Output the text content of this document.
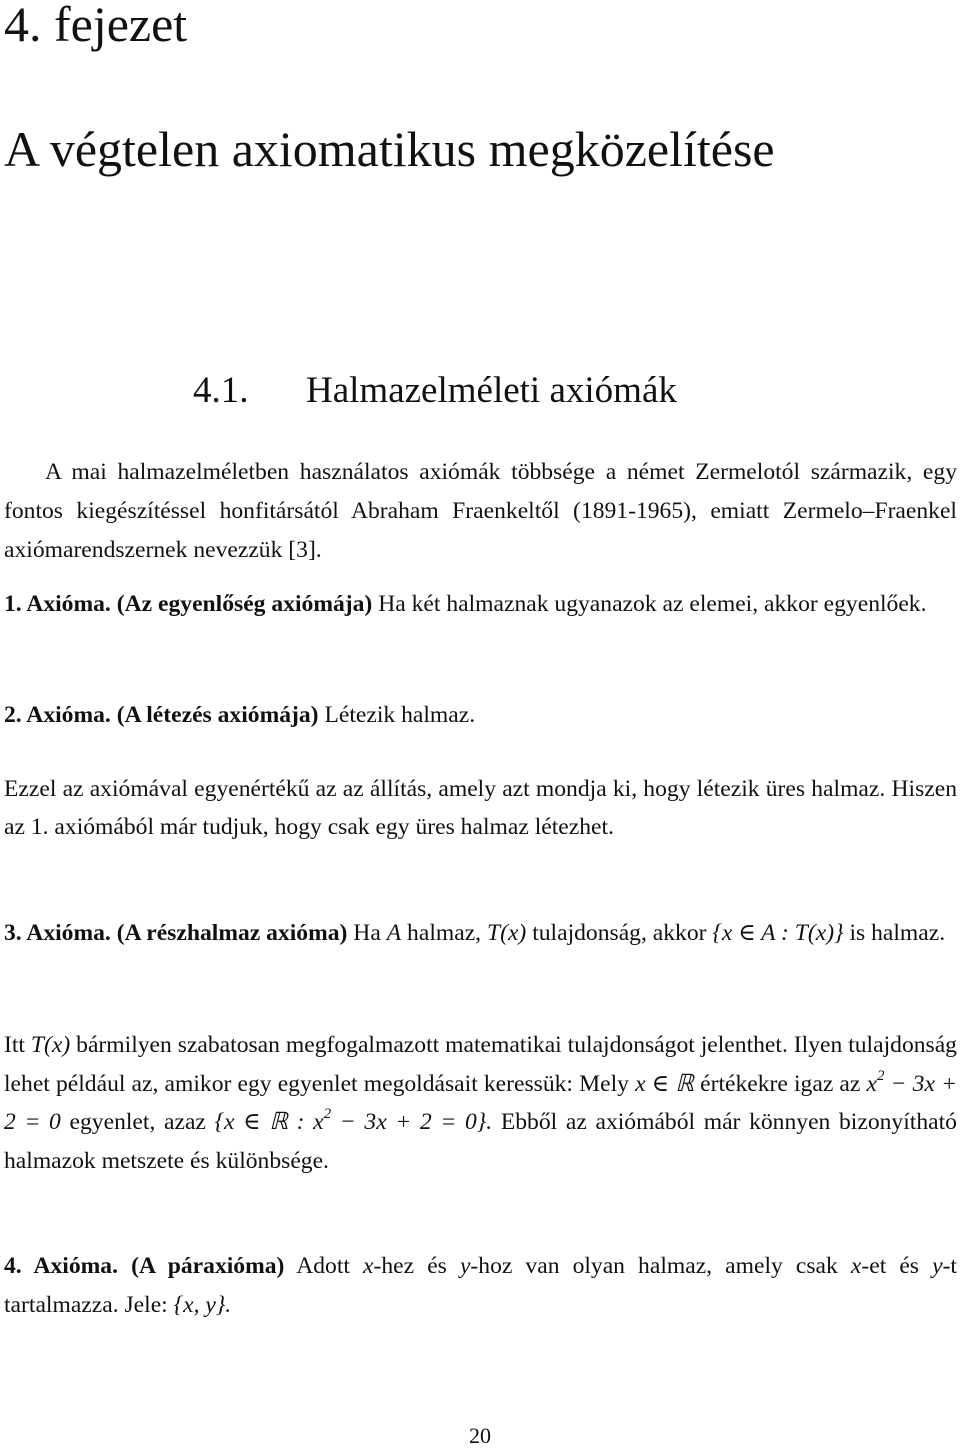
4. fejezet
A végtelen axiomatikus megközelítése
4.1. Halmazelméleti axiómák

A mai halmazelméletben használatos axiómák többsége a német Zermelotól származik, egy fontos kiegészítéssel honfitársától Abraham Fraenkeltől (1891-1965), emiatt Zermelo–Fraenkel axiómarendszernek nevezzük [3].

1. Axióma. (Az egyenlőség axiómája) Ha két halmaznak ugyanazok az elemei, akkor egyenlőek.

2. Axióma. (A létezés axiómája) Létezik halmaz.

Ezzel az axiómával egyenértékű az az állítás, amely azt mondja ki, hogy létezik üres halmaz. Hiszen az 1. axiómából már tudjuk, hogy csak egy üres halmaz létezhet.

3. Axióma. (A részhalmaz axióma) Ha A halmaz, T(x) tulajdonság, akkor {x ∈ A : T(x)} is halmaz.

Itt T(x) bármilyen szabatosan megfogalmazott matematikai tulajdonságot jelenthet. Ilyen tulajdonság lehet például az, amikor egy egyenlet megoldásait keressük: Mely x ∈ ℝ értékekre igaz az $x^2 - 3x + 2 = 0$ egyenlet, azaz {x ∈ ℝ : $x^2 - 3x + 2 = 0$}. Ebből az axiómából már könnyen bizonyítható halmazok metszete és különbsége.

4. Axióma. (A páraxióma) Adott x-hez és y-hoz van olyan halmaz, amely csak x-et és y-t tartalmazza. Jele: {x, y}.

20
